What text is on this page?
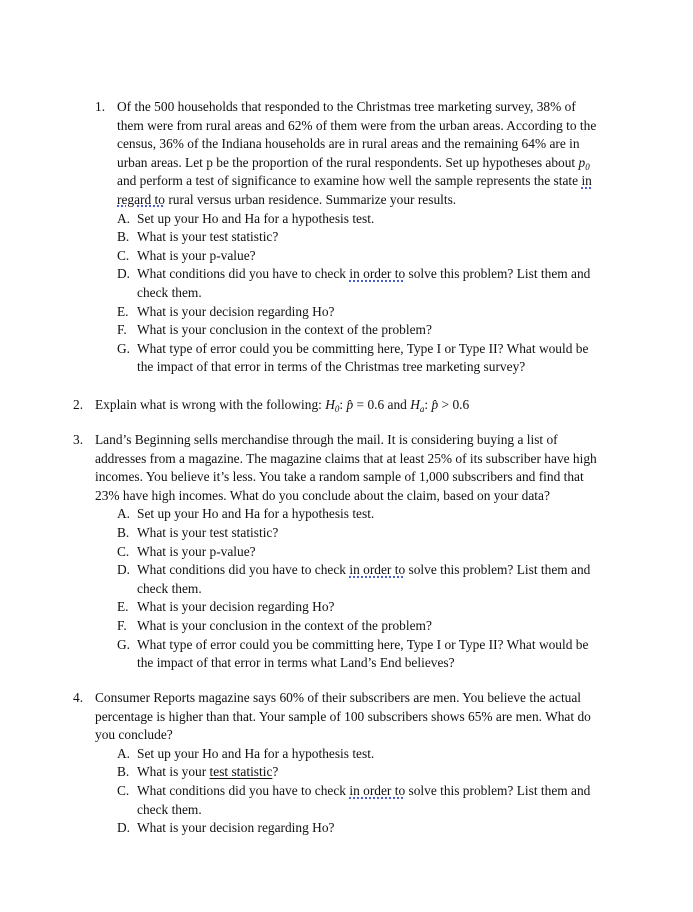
1. Of the 500 households that responded to the Christmas tree marketing survey, 38% of
them were from rural areas and 62% of them were from the urban areas. According to the
census, 36% of the Indiana households are in rural areas and the remaining 64% are in
urban areas. Let p be the proportion of the rural respondents. Set up hypotheses about $p_0$
and perform a test of significance to examine how well the sample represents the state in
regard to rural versus urban residence. Summarize your results.
A. Set up your Ho and Ha for a hypothesis test.
B. What is your test statistic?
C. What is your p-value?
D. What conditions did you have to check in order to solve this problem? List them and
check them.
E. What is your decision regarding Ho?
F. What is your conclusion in the context of the problem?
G. What type of error could you be committing here, Type I or Type II? What would be
the impact of that error in terms of the Christmas tree marketing survey?
2. Explain what is wrong with the following: $H_0$: p̂ = 0.6 and $H_a$: p̂ > 0.6
3. Land’s Beginning sells merchandise through the mail. It is considering buying a list of
addresses from a magazine. The magazine claims that at least 25% of its subscriber have high
incomes. You believe it’s less. You take a random sample of 1,000 subscribers and find that
23% have high incomes. What do you conclude about the claim, based on your data?
A. Set up your Ho and Ha for a hypothesis test.
B. What is your test statistic?
C. What is your p-value?
D. What conditions did you have to check in order to solve this problem? List them and
check them.
E. What is your decision regarding Ho?
F. What is your conclusion in the context of the problem?
G. What type of error could you be committing here, Type I or Type II? What would be
the impact of that error in terms what Land’s End believes?
4. Consumer Reports magazine says 60% of their subscribers are men. You believe the actual
percentage is higher than that. Your sample of 100 subscribers shows 65% are men. What do
you conclude?
A. Set up your Ho and Ha for a hypothesis test.
B. What is your test statistic?
C. What conditions did you have to check in order to solve this problem? List them and
check them.
D. What is your decision regarding Ho?
